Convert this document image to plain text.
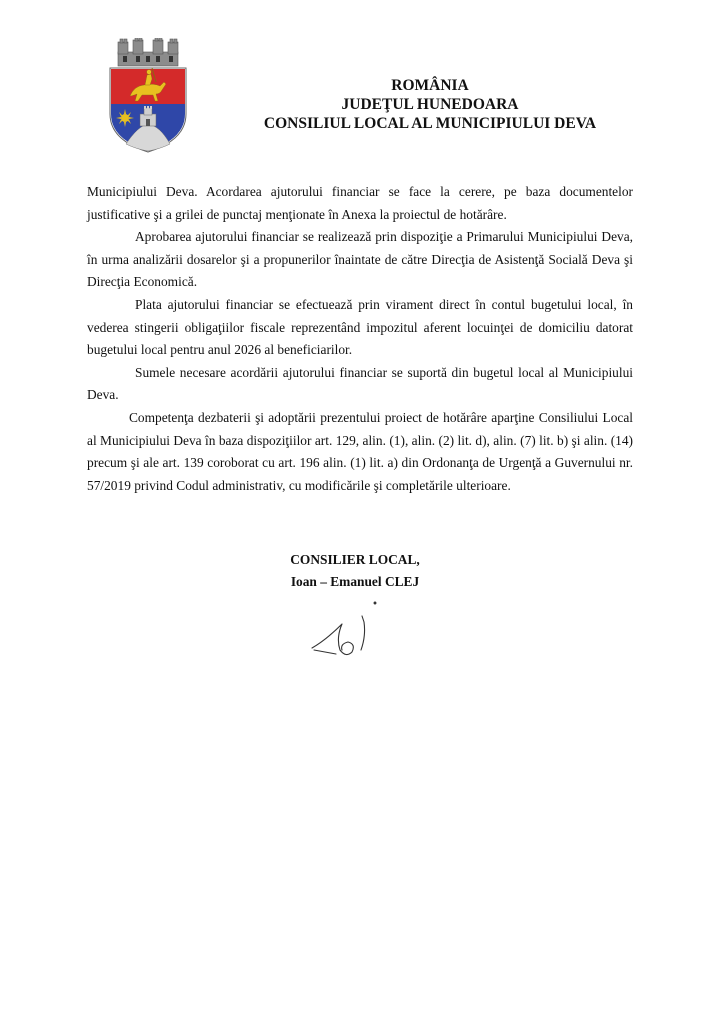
ROMÂNIA
JUDEŢUL HUNEDOARA
CONSILIUL LOCAL AL MUNICIPIULUI DEVA

Municipiului Deva. Acordarea ajutorului financiar se face la cerere, pe baza documentelor justificative şi a grilei de punctaj menţionate în Anexa la proiectul de hotărâre.

Aprobarea ajutorului financiar se realizează prin dispoziţie a Primarului Municipiului Deva, în urma analizării dosarelor şi a propunerilor înaintate de către Direcţia de Asistenţă Socială Deva şi Direcţia Economică.

Plata ajutorului financiar se efectuează prin virament direct în contul bugetului local, în vederea stingerii obligaţiilor fiscale reprezentând impozitul aferent locuinţei de domiciliu datorat bugetului local pentru anul 2026 al beneficiarilor.

Sumele necesare acordării ajutorului financiar se suportă din bugetul local al Municipiului Deva.

Competenţa dezbaterii şi adoptării prezentului proiect de hotărâre aparţine Consiliului Local al Municipiului Deva în baza dispoziţiilor art. 129, alin. (1), alin. (2) lit. d), alin. (7) lit. b) şi alin. (14) precum şi ale art. 139 coroborat cu art. 196 alin. (1) lit. a) din Ordonanţa de Urgenţă a Guvernului nr. 57/2019 privind Codul administrativ, cu modificările şi completările ulterioare.

CONSILIER LOCAL,
Ioan – Emanuel CLEJ
